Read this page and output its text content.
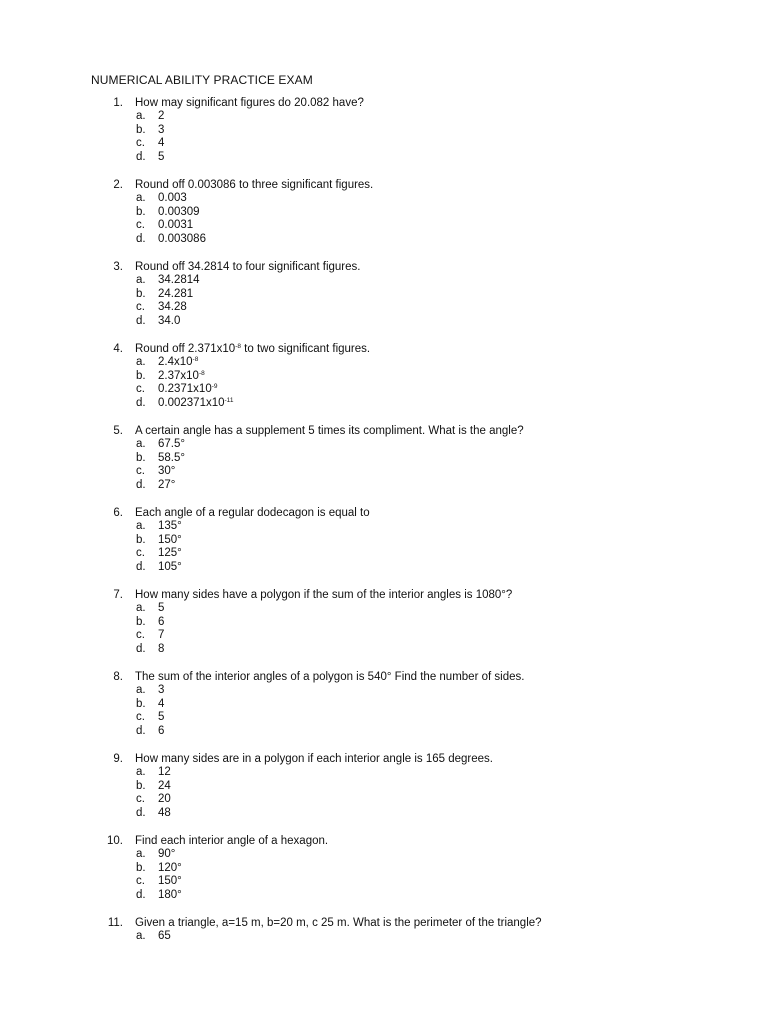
NUMERICAL ABILITY PRACTICE EXAM
1. How may significant figures do 20.082 have?
a. 2
b. 3
c. 4
d. 5
2. Round off 0.003086 to three significant figures.
a. 0.003
b. 0.00309
c. 0.0031
d. 0.003086
3. Round off 34.2814 to four significant figures.
a. 34.2814
b. 24.281
c. 34.28
d. 34.0
4. Round off $2.371x10^{-8}$ to two significant figures.
a. $2.4x10^{-8}$
b. $2.37x10^{-8}$
c. $0.2371x10^{-9}$
d. $0.002371x10^{-11}$
5. A certain angle has a supplement 5 times its compliment. What is the angle?
a. 67.5°
b. 58.5°
c. 30°
d. 27°
6. Each angle of a regular dodecagon is equal to
a. 135°
b. 150°
c. 125°
d. 105°
7. How many sides have a polygon if the sum of the interior angles is 1080°?
a. 5
b. 6
c. 7
d. 8
8. The sum of the interior angles of a polygon is 540° Find the number of sides.
a. 3
b. 4
c. 5
d. 6
9. How many sides are in a polygon if each interior angle is 165 degrees.
a. 12
b. 24
c. 20
d. 48
10. Find each interior angle of a hexagon.
a. 90°
b. 120°
c. 150°
d. 180°
11. Given a triangle, a=15 m, b=20 m, c 25 m. What is the perimeter of the triangle?
a. 65
